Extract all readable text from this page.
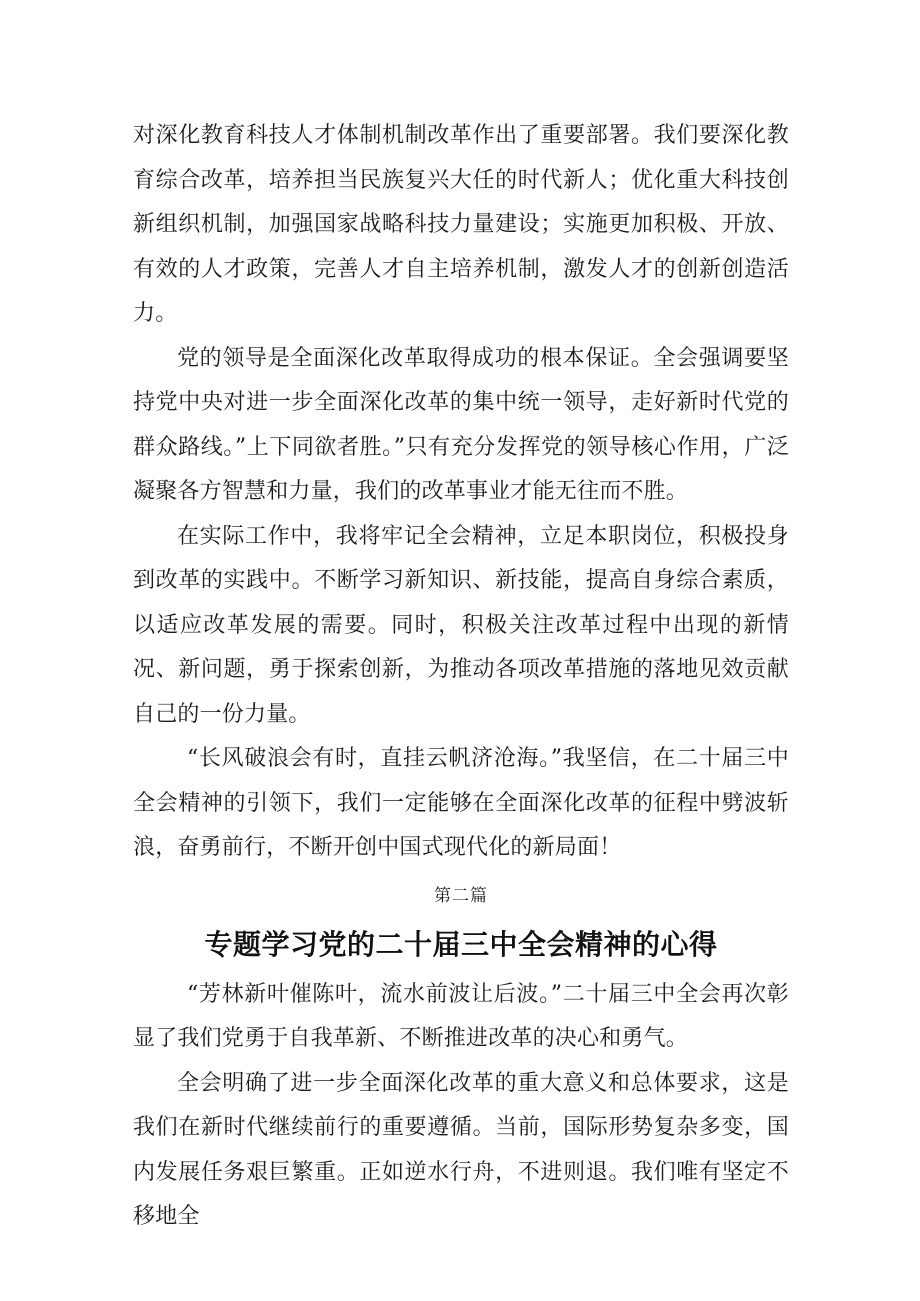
对深化教育科技人才体制机制改革作出了重要部署。我们要深化教育综合改革，培养担当民族复兴大任的时代新人；优化重大科技创新组织机制，加强国家战略科技力量建设；实施更加积极、开放、有效的人才政策，完善人才自主培养机制，激发人才的创新创造活力。

党的领导是全面深化改革取得成功的根本保证。全会强调要坚持党中央对进一步全面深化改革的集中统一领导，走好新时代党的群众路线。”上下同欲者胜。”只有充分发挥党的领导核心作用，广泛凝聚各方智慧和力量，我们的改革事业才能无往而不胜。

在实际工作中，我将牢记全会精神，立足本职岗位，积极投身到改革的实践中。不断学习新知识、新技能，提高自身综合素质，以适应改革发展的需要。同时，积极关注改革过程中出现的新情况、新问题，勇于探索创新，为推动各项改革措施的落地见效贡献自己的一份力量。

“长风破浪会有时，直挂云帆济沧海。”我坚信，在二十届三中全会精神的引领下，我们一定能够在全面深化改革的征程中劈波斩浪，奋勇前行，不断开创中国式现代化的新局面！

第二篇

专题学习党的二十届三中全会精神的心得

“芳林新叶催陈叶，流水前波让后波。”二十届三中全会再次彰显了我们党勇于自我革新、不断推进改革的决心和勇气。

全会明确了进一步全面深化改革的重大意义和总体要求，这是我们在新时代继续前行的重要遵循。当前，国际形势复杂多变，国内发展任务艰巨繁重。正如逆水行舟，不进则退。我们唯有坚定不移地全
